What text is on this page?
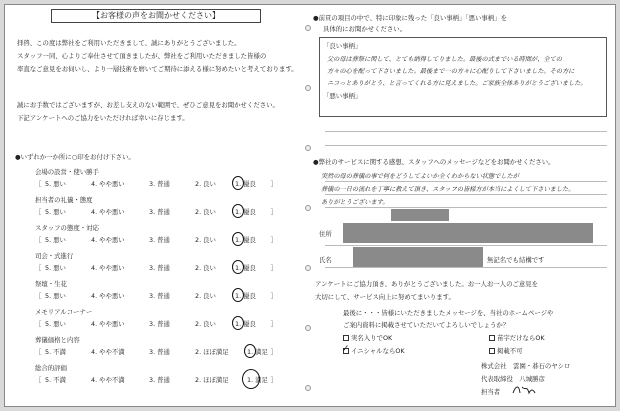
【お客様の声をお聞かせください】
拝啓、この度は弊社をご利用いただきまして、誠にありがとうございました。
スタッフ一同、心よりご奉仕させて頂きましたが、弊社をご利用いただきました皆様の
率直なご意見をお伺いし、より一層技術を磨いてご期待に添える様に努めたいと考えております。
誠にお手数ではございますが、お差し支えのない範囲で、ぜひご意見をお聞かせください。
下記アンケートへのご協力をいただければ幸いに存じます。
●いずれか一か所に○印をお付け下さい。
会場の設営・使い勝手
［ 5. 悪い	4. やや悪い	3. 普通	2. 良い	1. 優良 ］
担当者の礼儀・態度
［ 5. 悪い	4. やや悪い	3. 普通	2. 良い	1. 優良 ］
スタッフの態度・対応
［ 5. 悪い	4. やや悪い	3. 普通	2. 良い	1. 優良 ］
司会・式進行
［ 5. 悪い	4. やや悪い	3. 普通	2. 良い	1. 優良 ］
祭壇・生花
［ 5. 悪い	4. やや悪い	3. 普通	2. 良い	1. 優良 ］
メモリアルコーナー
［ 5. 悪い	4. やや悪い	3. 普通	2. 良い	1. 優良 ］
葬儀価格と内容
［ 5. 不満	4. やや不満	3. 普通	2. ほぼ満足	1. 満足 ］
総合的評価
［ 5. 不満	4. やや不満	3. 普通	2. ほぼ満足	1. 満足 ］
●前頁の項目の中で、特に印象に残った「良い事柄」「悪い事柄」を
具体的にお聞かせください。
「良い事柄」
父の母は葬祭に関して、とても納得してりました。最後の式までいる時間が、全ての
方々の心を配って下さいました。最後まで一の方々に心配りして下さいました。その方に
ニコっとありがとう、と言ってくれる方に見えました。ご家族全体ありがとうございました。
「悪い事柄」
●弊社のサービスに関する感想、スタッフへのメッセージなどをお聞かせください。
突然の母の葬儀の事で何をどうしてよいか全くわからない状態でしたが
葬儀の一日の流れを丁寧に教えて頂き、スタッフの皆様方が本当によくして下さいました。
ありがとうございます。
住所
氏名	無記名でも結構です
アンケートにご協力頂き、ありがとうございました。お一人お一人のご意見を
大切にして、サービス向上に努めてまいります。
最後に・・・皆様にいただきましたメッセージを、当社のホームページや
ご案内資料に掲載させていただいてよろしいでしょうか？
実名入りでOK	苗字だけならOK
✓ イニシャルならOK	掲載不可
株式会社　雲園・碁石のヤシロ
代表取締役　八城勝彦
担当者
